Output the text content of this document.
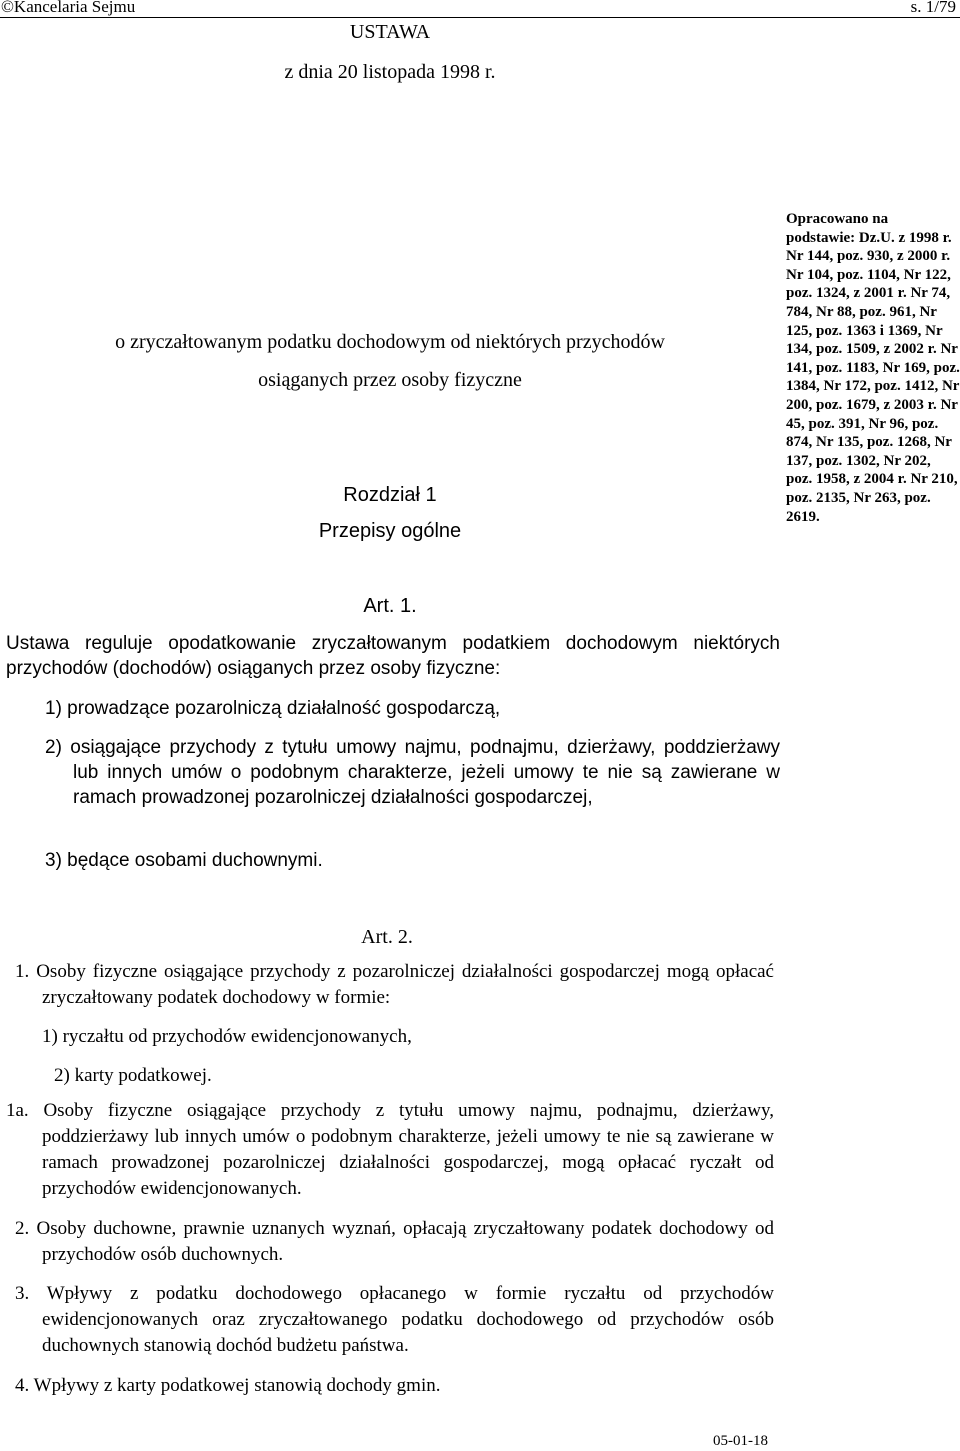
©Kancelaria Sejmu	s. 1/79
USTAWA
z dnia 20 listopada 1998 r.
o zryczałtowanym podatku dochodowym od niektórych przychodów
osiąganych przez osoby fizyczne
Opracowano na podstawie: Dz.U. z 1998 r. Nr 144, poz. 930, z 2000 r. Nr 104, poz. 1104, Nr 122, poz. 1324, z 2001 r. Nr 74, 784, Nr 88, poz. 961, Nr 125, poz. 1363 i 1369, Nr 134, poz. 1509, z 2002 r. Nr 141, poz. 1183, Nr 169, poz. 1384, Nr 172, poz. 1412, Nr 200, poz. 1679, z 2003 r. Nr 45, poz. 391, Nr 96, poz. 874, Nr 135, poz. 1268, Nr 137, poz. 1302, Nr 202, poz. 1958, z 2004 r. Nr 210, poz. 2135, Nr 263, poz. 2619.
Rozdział 1
Przepisy ogólne
Art. 1.
Ustawa reguluje opodatkowanie zryczałtowanym podatkiem dochodowym niektórych przychodów (dochodów) osiąganych przez osoby fizyczne:
1) prowadzące pozarolniczą działalność gospodarczą,
2) osiągające przychody z tytułu umowy najmu, podnajmu, dzierżawy, poddzierżawy lub innych umów o podobnym charakterze, jeżeli umowy te nie są zawierane w ramach prowadzonej pozarolniczej działalności gospodarczej,
3) będące osobami duchownymi.
Art. 2.
1. Osoby fizyczne osiągające przychody z pozarolniczej działalności gospodarczej mogą opłacać zryczałtowany podatek dochodowy w formie:
1) ryczałtu od przychodów ewidencjonowanych,
2) karty podatkowej.
1a. Osoby fizyczne osiągające przychody z tytułu umowy najmu, podnajmu, dzierżawy, poddzierżawy lub innych umów o podobnym charakterze, jeżeli umowy te nie są zawierane w ramach prowadzonej pozarolniczej działalności gospodarczej, mogą opłacać ryczałt od przychodów ewidencjonowanych.
2. Osoby duchowne, prawnie uznanych wyznań, opłacają zryczałtowany podatek dochodowy od przychodów osób duchownych.
3. Wpływy z podatku dochodowego opłacanego w formie ryczałtu od przychodów ewidencjonowanych oraz zryczałtowanego podatku dochodowego od przychodów osób duchownych stanowią dochód budżetu państwa.
4. Wpływy z karty podatkowej stanowią dochody gmin.
05-01-18
